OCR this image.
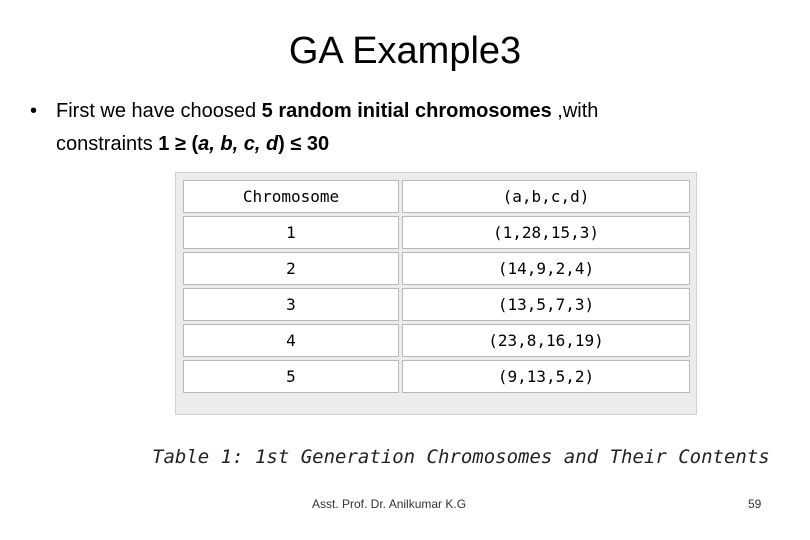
GA Example3
• First we have choosed 5 random initial chromosomes ,with
constraints 1 ≥ (a, b, c, d) ≤ 30
Chromosome	(a,b,c,d)
1	(1,28,15,3)
2	(14,9,2,4)
3	(13,5,7,3)
4	(23,8,16,19)
5	(9,13,5,2)
Table 1: 1st Generation Chromosomes and Their Contents
Asst. Prof. Dr. Anilkumar K.G	59
